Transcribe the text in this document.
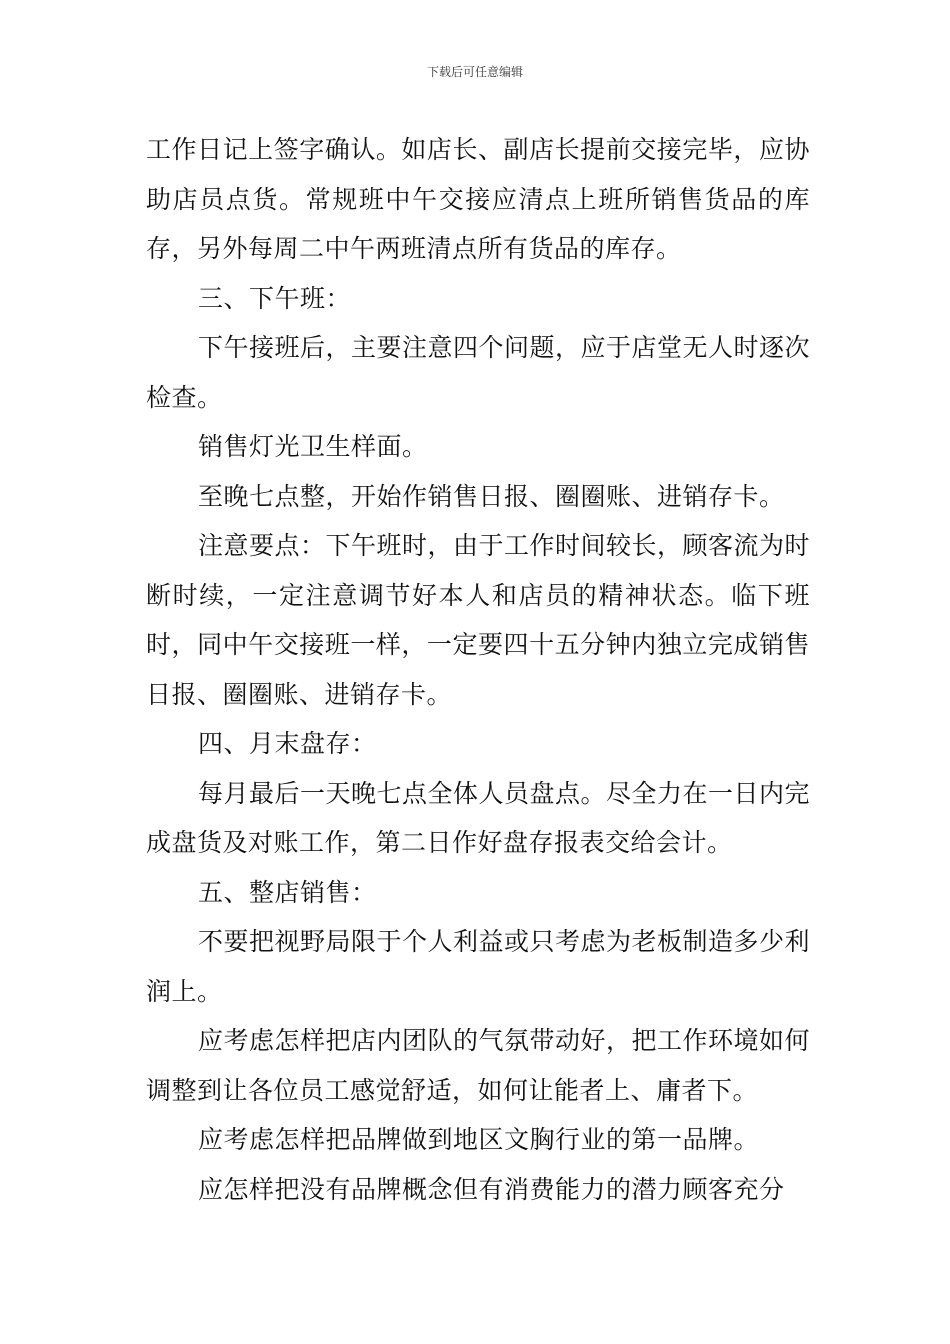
下载后可任意编辑

工作日记上签字确认。如店长、副店长提前交接完毕，应协助店员点货。常规班中午交接应清点上班所销售货品的库存，另外每周二中午两班清点所有货品的库存。

三、下午班：

下午接班后，主要注意四个问题，应于店堂无人时逐次检查。

销售灯光卫生样面。

至晚七点整，开始作销售日报、圈圈账、进销存卡。

注意要点：下午班时，由于工作时间较长，顾客流为时断时续，一定注意调节好本人和店员的精神状态。临下班时，同中午交接班一样，一定要四十五分钟内独立完成销售日报、圈圈账、进销存卡。

四、月末盘存：

每月最后一天晚七点全体人员盘点。尽全力在一日内完成盘货及对账工作，第二日作好盘存报表交给会计。

五、整店销售：

不要把视野局限于个人利益或只考虑为老板制造多少利润上。

应考虑怎样把店内团队的气氛带动好，把工作环境如何调整到让各位员工感觉舒适，如何让能者上、庸者下。

应考虑怎样把品牌做到地区文胸行业的第一品牌。

应怎样把没有品牌概念但有消费能力的潜力顾客充分
